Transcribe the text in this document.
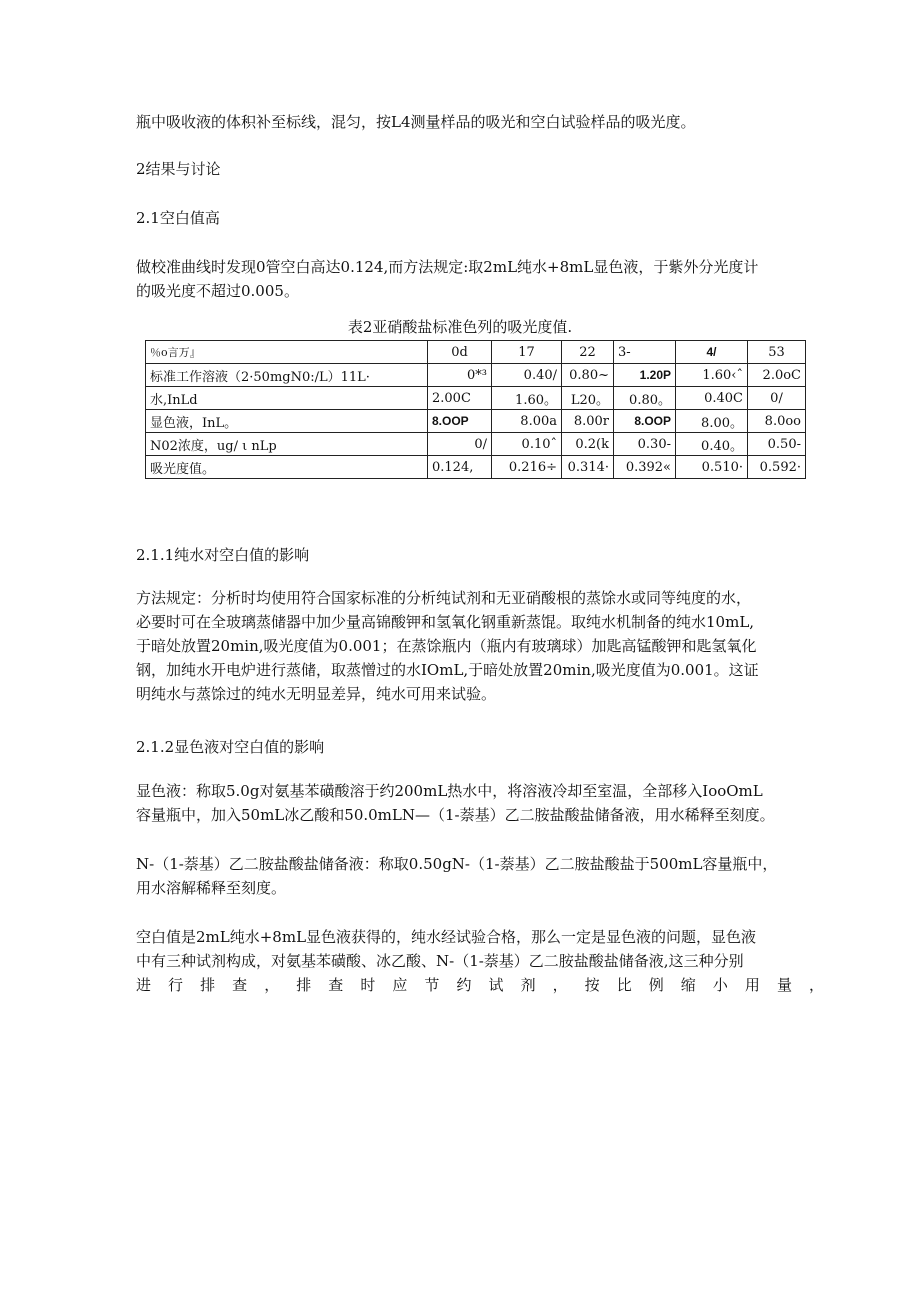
瓶中吸收液的体积补至标线，混匀，按L4测量样品的吸光和空白试验样品的吸光度。

2结果与讨论

2.1空白值高

做校准曲线时发现0管空白高达0.124,而方法规定:取2mL纯水+8mL显色液，于紫外分光度计
的吸光度不超过0.005。
表2亚硝酸盐标准色列的吸光度值.
％o言万』	0d	17	22	3-	4/	53
标准工作溶液（2·50mgN0:/L）11L·	0*³	0.40/	0.80~	1.20P	1.60‹ˆ	2.0oC
水,InLd	2.00C	1.60。	L20。	0.80。	0.40C	0/
显色液，InL。	8.OOP	8.00a	8.00r	8.OOP	8.00。	8.0oo
N02浓度，ug/ ι nLp	0/	0.10ˆ	0.2(k	0.30-	0.40。	0.50-
吸光度值。	0.124,	0.216÷	0.314·	0.392«	0.510·	0.592·

2.1.1纯水对空白值的影响

方法规定：分析时均使用符合国家标准的分析纯试剂和无亚硝酸根的蒸馀水或同等纯度的水，
必要时可在全玻璃蒸储器中加少量高锦酸钾和氢氧化钢重新蒸馄。取纯水机制备的纯水10mL,
于暗处放置20min,吸光度值为0.001；在蒸馀瓶内（瓶内有玻璃球）加匙高锰酸钾和匙氢氧化
钢，加纯水开电炉进行蒸储，取蒸憎过的水IOmL,于暗处放置20min,吸光度值为0.001。这证
明纯水与蒸馀过的纯水无明显差异，纯水可用来试验。

2.1.2显色液对空白值的影响

显色液：称取5.0g对氨基苯磺酸溶于约200mL热水中，将溶液冷却至室温，全部移入IooOmL
容量瓶中，加入50mL冰乙酸和50.0mLN—（1-萘基）乙二胺盐酸盐储备液，用水稀释至刻度。
N-（1-萘基）乙二胺盐酸盐储备液：称取0.50gN-（1-萘基）乙二胺盐酸盐于500mL容量瓶中，
用水溶解稀释至刻度。
空白值是2mL纯水+8mL显色液获得的，纯水经试验合格，那么一定是显色液的问题，显色液
中有三种试剂构成，对氨基苯磺酸、冰乙酸、N-（1-萘基）乙二胺盐酸盐储备液,这三种分别
进行排查，排查时应节约试剂，按比例缩小用量，
